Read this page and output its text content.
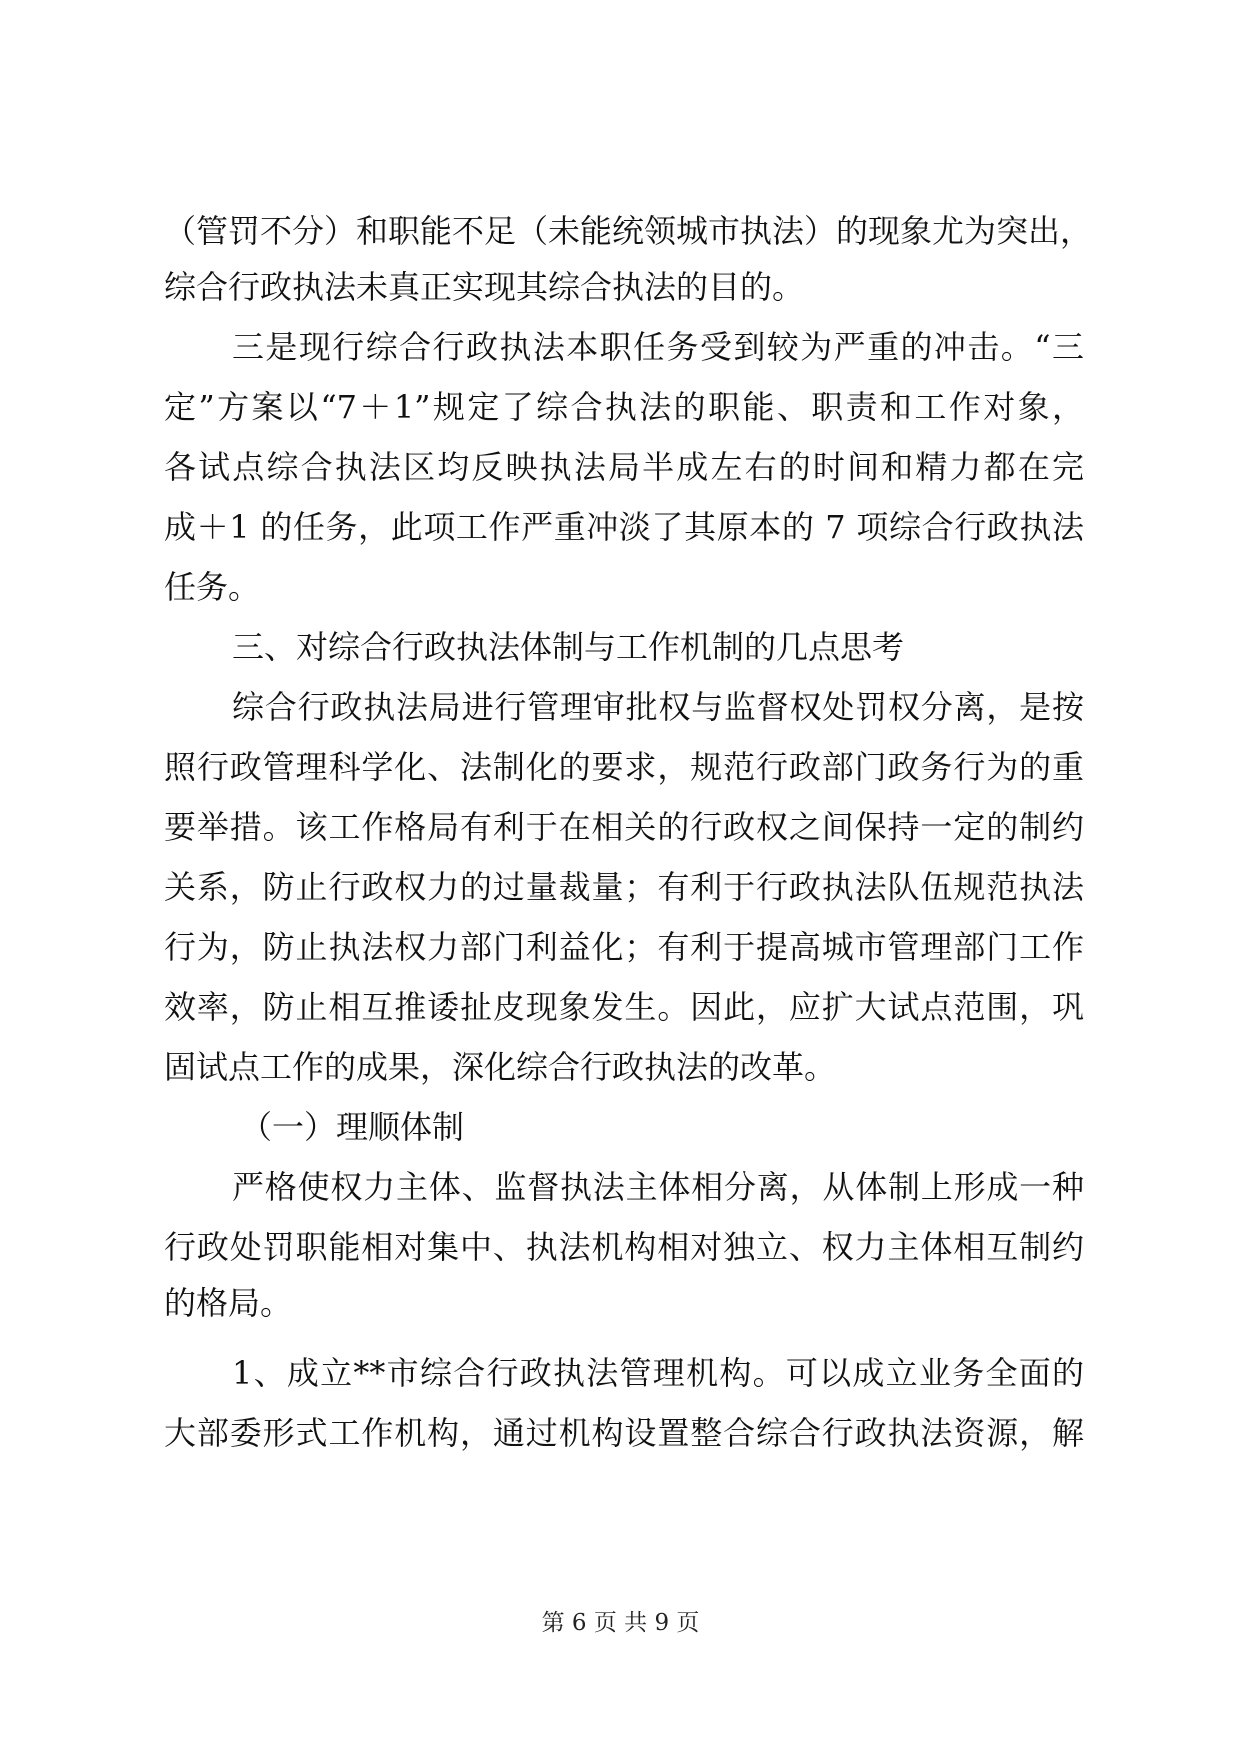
（管罚不分）和职能不足（未能统领城市执法）的现象尤为突出，
综合行政执法未真正实现其综合执法的目的。
三是现行综合行政执法本职任务受到较为严重的冲击。“三
定”方案以“7＋1”规定了综合执法的职能、职责和工作对象，
各试点综合执法区均反映执法局半成左右的时间和精力都在完
成＋1 的任务，此项工作严重冲淡了其原本的 7 项综合行政执法
任务。
三、对综合行政执法体制与工作机制的几点思考
综合行政执法局进行管理审批权与监督权处罚权分离，是按
照行政管理科学化、法制化的要求，规范行政部门政务行为的重
要举措。该工作格局有利于在相关的行政权之间保持一定的制约
关系，防止行政权力的过量裁量；有利于行政执法队伍规范执法
行为，防止执法权力部门利益化；有利于提高城市管理部门工作
效率，防止相互推诿扯皮现象发生。因此，应扩大试点范围，巩
固试点工作的成果，深化综合行政执法的改革。
（一）理顺体制
严格使权力主体、监督执法主体相分离，从体制上形成一种
行政处罚职能相对集中、执法机构相对独立、权力主体相互制约
的格局。
1、成立**市综合行政执法管理机构。可以成立业务全面的
大部委形式工作机构，通过机构设置整合综合行政执法资源，解
第 6 页 共 9 页
